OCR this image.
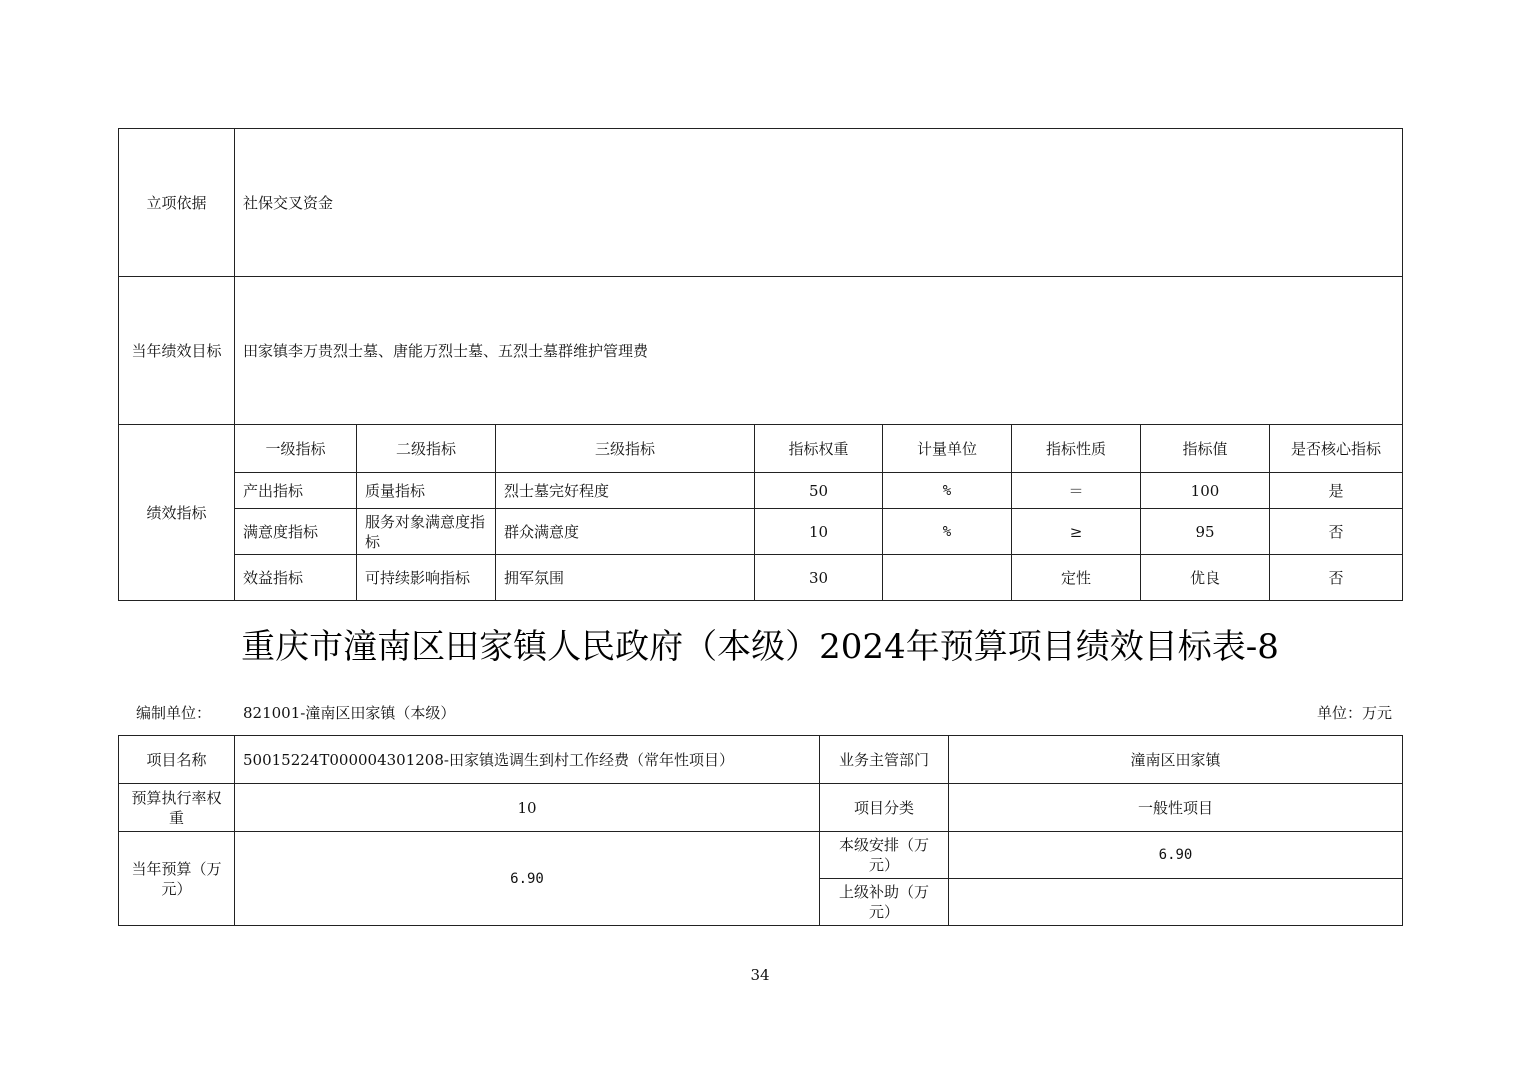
立项依据	社保交叉资金							
当年绩效目标	田家镇李万贵烈士墓、唐能万烈士墓、五烈士墓群维护管理费							
绩效指标	一级指标	二级指标	三级指标	指标权重	计量单位	指标性质	指标值	是否核心指标
	产出指标	质量指标	烈士墓完好程度	50	%	＝	100	是
	满意度指标	服务对象满意度指标	群众满意度	10	%	≥	95	否
	效益指标	可持续影响指标	拥军氛围	30		定性	优良	否
重庆市潼南区田家镇人民政府（本级）2024年预算项目绩效目标表-8
编制单位： 821001-潼南区田家镇（本级）	单位：万元
项目名称	50015224T000004301208-田家镇选调生到村工作经费（常年性项目）	业务主管部门	潼南区田家镇
预算执行率权重	10	项目分类	一般性项目
当年预算（万元）	6.90	本级安排（万元）	6.90
		上级补助（万元）	
34
